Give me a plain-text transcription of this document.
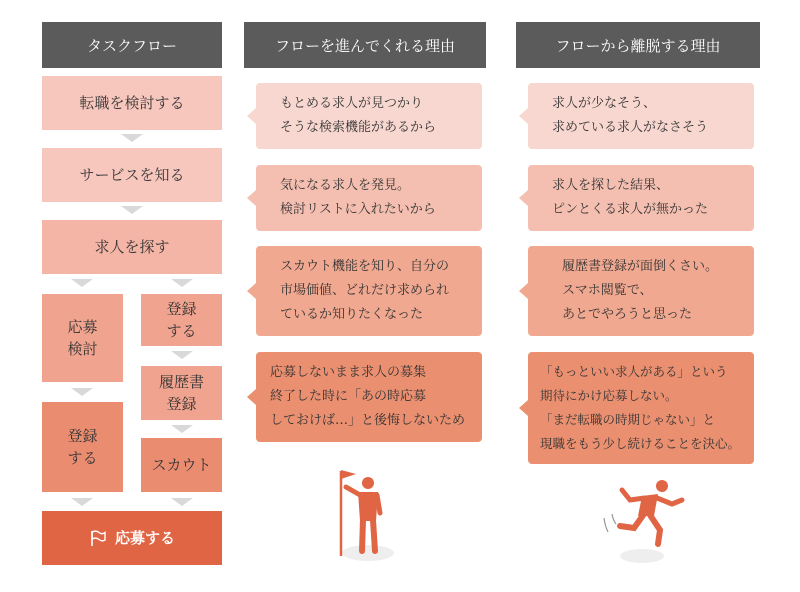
タスクフロー	フローを進んでくれる理由	フローから離脱する理由
転職を検討する
サービスを知る
求人を探す
応募
検討
登録
する
登録
する
履歴書
登録
スカウト
応募する
もとめる求人が見つかり
そうな検索機能があるから
気になる求人を発見。
検討リストに入れたいから
スカウト機能を知り、自分の
市場価値、どれだけ求められ
ているか知りたくなった
応募しないまま求人の募集
終了した時に「あの時応募
しておけば…」と後悔しないため
求人が少なそう、
求めている求人がなさそう
求人を探した結果、
ピンとくる求人が無かった
履歴書登録が面倒くさい。
スマホ閲覧で、
あとでやろうと思った
「もっといい求人がある」という
期待にかけ応募しない。
「まだ転職の時期じゃない」と
現職をもう少し続けることを決心。
